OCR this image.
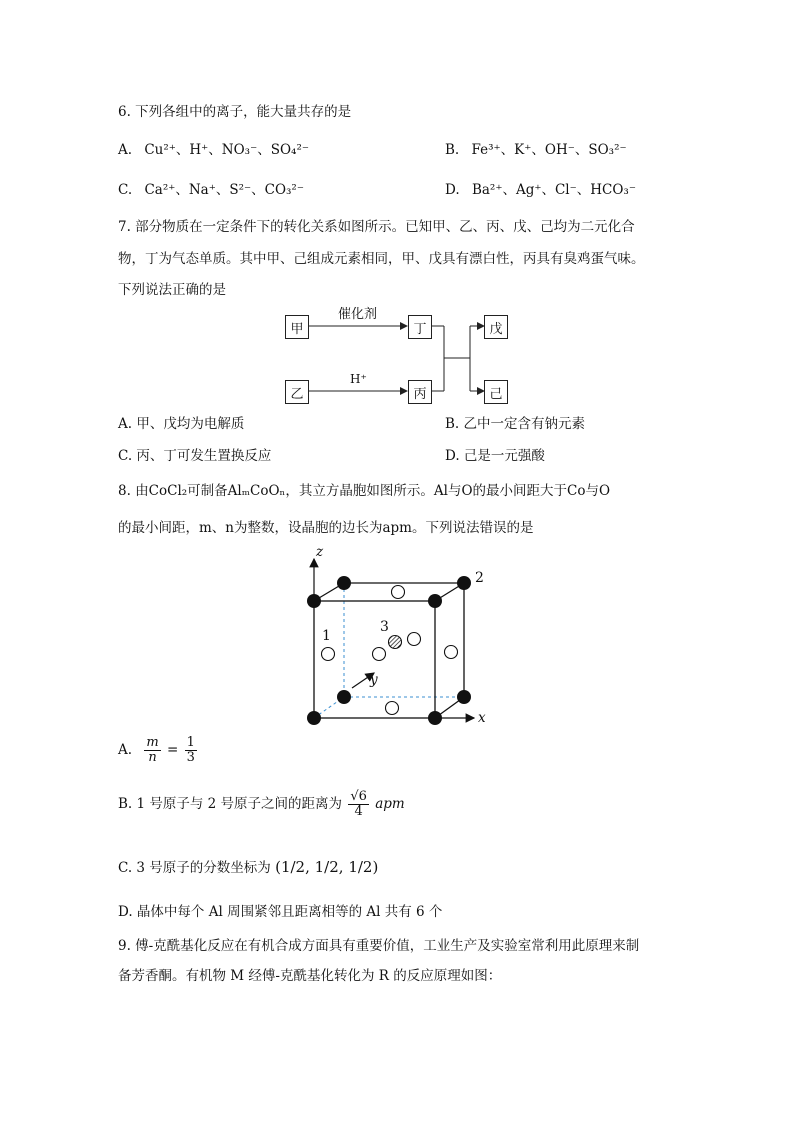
6. 下列各组中的离子，能大量共存的是
A. Cu²⁺、H⁺、NO₃⁻、SO₄²⁻	B. Fe³⁺、K⁺、OH⁻、SO₃²⁻
C. Ca²⁺、Na⁺、S²⁻、CO₃²⁻	D. Ba²⁺、Ag⁺、Cl⁻、HCO₃⁻
7. 部分物质在一定条件下的转化关系如图所示。已知甲、乙、丙、戊、己均为二元化合
物，丁为气态单质。其中甲、己组成元素相同，甲、戊具有漂白性，丙具有臭鸡蛋气味。
下列说法正确的是
甲	丁	戊
乙	丙	己
催化剂
H⁺
A. 甲、戊均为电解质	B. 乙中一定含有钠元素
C. 丙、丁可发生置换反应	D. 己是一元强酸
8. 由CoCl₂可制备AlₘCoOₙ，其立方晶胞如图所示。Al与O的最小间距大于Co与O
的最小间距，m、n为整数，设晶胞的边长为apm。下列说法错误的是
z
y
x
1
2
3
A. $\frac{m}{n} = \frac{1}{3}$
B. 1 号原子与 2 号原子之间的距离为 $\frac{√6}{4}$ apm
C. 3 号原子的分数坐标为 (1/2, 1/2, 1/2)
D. 晶体中每个 Al 周围紧邻且距离相等的 Al 共有 6 个
9. 傅-克酰基化反应在有机合成方面具有重要价值，工业生产及实验室常利用此原理来制
备芳香酮。有机物 M 经傅-克酰基化转化为 R 的反应原理如图：
